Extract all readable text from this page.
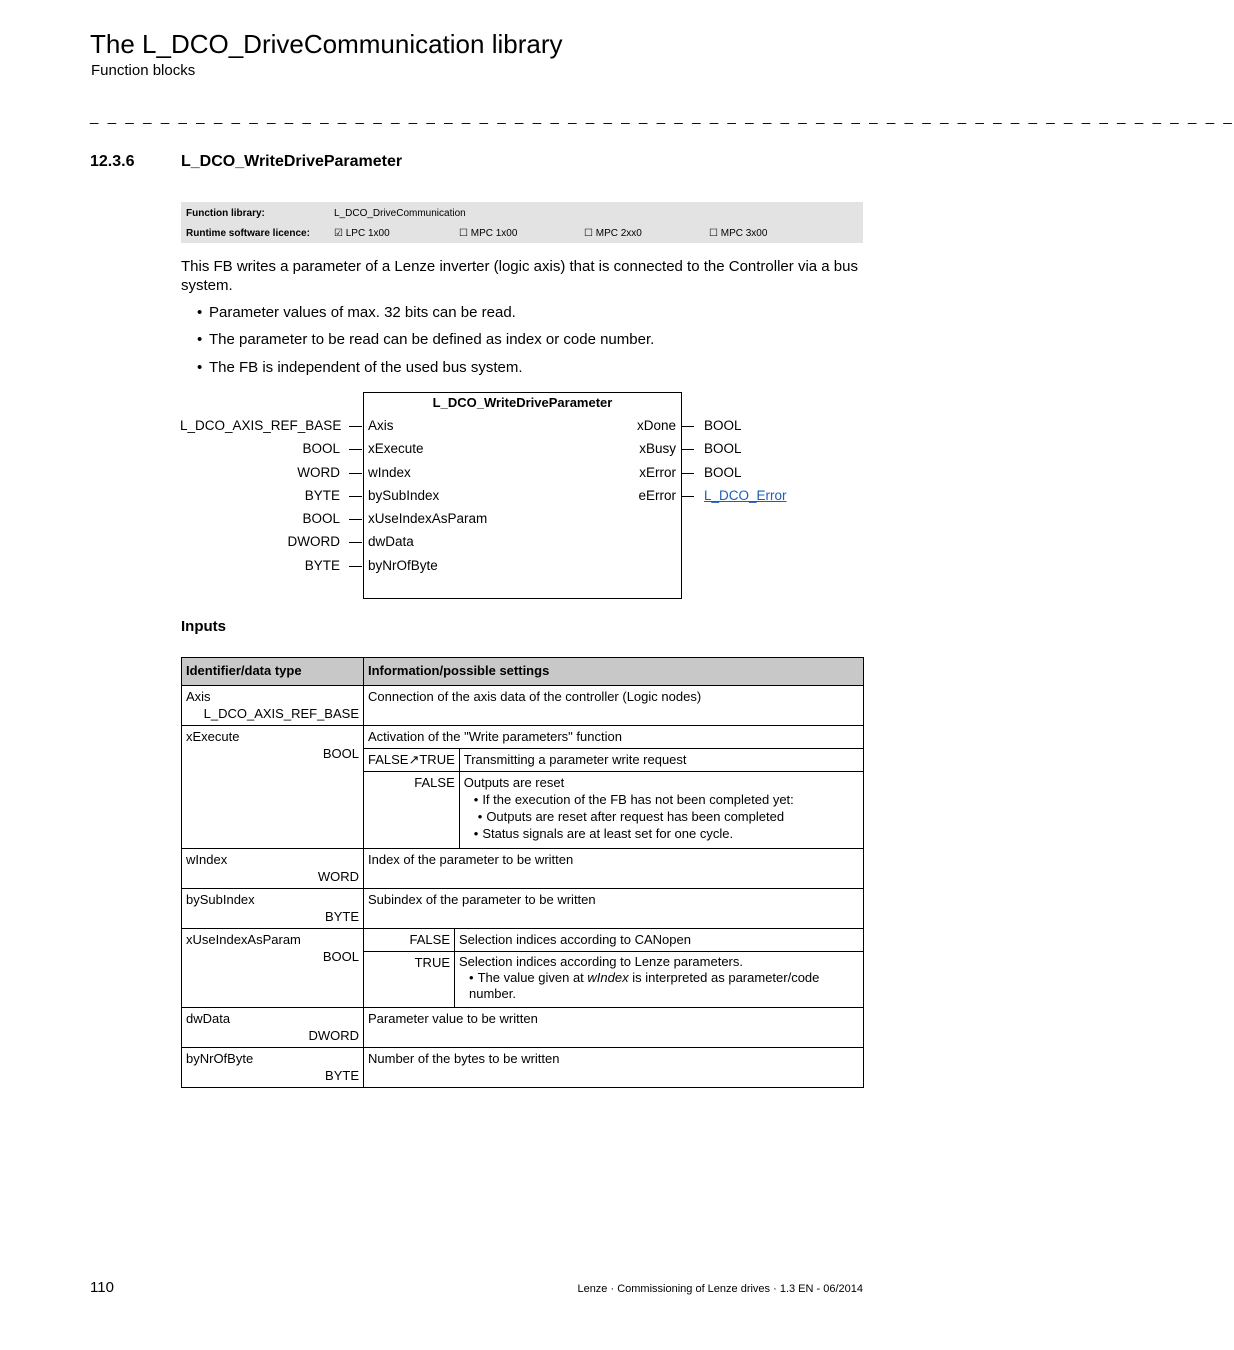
The L_DCO_DriveCommunication library
Function blocks
_ _ _ _ _ _ _ _ _ _ _ _ _ _ _ _ _ _ _ _ _ _ _ _ _ _ _ _ _ _ _ _ _ _ _ _ _ _ _ _ _ _ _ _ _ _ _ _ _ _ _ _ _ _ _ _ _ _ _ _ _ _ _ _ _
12.3.6	L_DCO_WriteDriveParameter
Function library:	L_DCO_DriveCommunication
Runtime software licence: ☑ LPC 1x00	☐ MPC 1x00	☐ MPC 2xx0	☐ MPC 3x00
This FB writes a parameter of a Lenze inverter (logic axis) that is connected to the Controller via a bus system.
• Parameter values of max. 32 bits can be read.
• The parameter to be read can be defined as index or code number.
• The FB is independent of the used bus system.
L_DCO_WriteDriveParameter
L_DCO_AXIS_REF_BASE Axis
BOOL xExecute
WORD wIndex
BYTE bySubIndex
BOOL xUseIndexAsParam
DWORD dwData
BYTE byNrOfByte
xDone BOOL
xBusy BOOL
xError BOOL
eError L_DCO_Error
Inputs
Identifier/data type	Information/possible settings

Axis
L_DCO_AXIS_REF_BASE
	Connection of the axis data of the controller (Logic nodes)

xExecute
BOOL

Activation of the "Write parameters" function
FALSE↗TRUE	Transmitting a parameter write request
FALSE	Outputs are reset
• If the execution of the FB has not been completed yet:
• Outputs are reset after request has been completed
• Status signals are at least set for one cycle.

wIndex
WORD
	Index of the parameter to be written

bySubIndex
BYTE
	Subindex of the parameter to be written

xUseIndexAsParam
BOOL

FALSE	Selection indices according to CANopen
TRUE	Selection indices according to Lenze parameters.
• The value given at wIndex is interpreted as parameter/code number.

dwData
DWORD
	Parameter value to be written

byNrOfByte
BYTE
	Number of the bytes to be written
110	Lenze · Commissioning of Lenze drives · 1.3 EN - 06/2014
